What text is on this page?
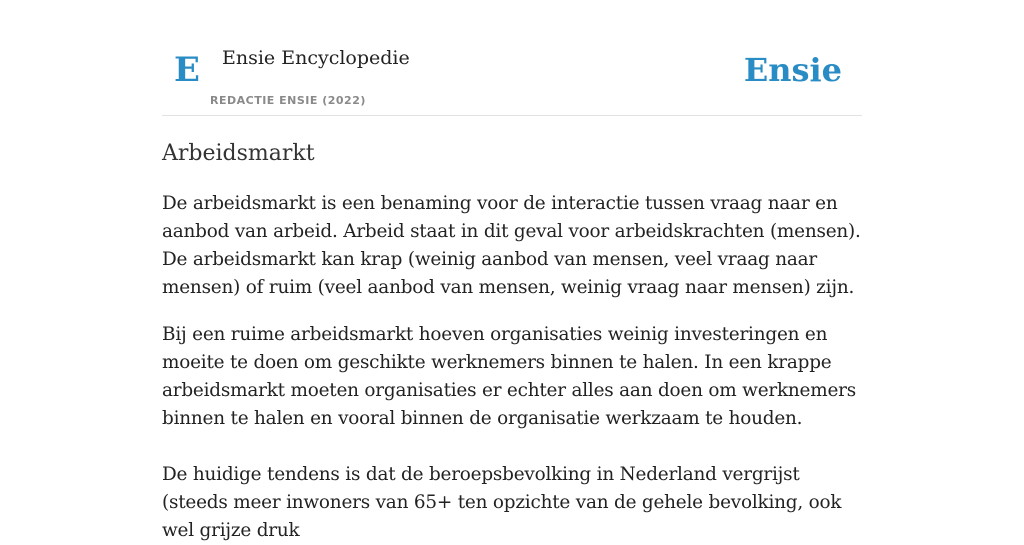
E Ensie Encyclopedie
REDACTIE ENSIE (2022)
Ensie
Arbeidsmarkt

De arbeidsmarkt is een benaming voor de interactie tussen vraag naar en aanbod van arbeid. Arbeid staat in dit geval voor arbeidskrachten (mensen). De arbeidsmarkt kan krap (weinig aanbod van mensen, veel vraag naar mensen) of ruim (veel aanbod van mensen, weinig vraag naar mensen) zijn.

Bij een ruime arbeidsmarkt hoeven organisaties weinig investeringen en moeite te doen om geschikte werknemers binnen te halen. In een krappe arbeidsmarkt moeten organisaties er echter alles aan doen om werknemers binnen te halen en vooral binnen de organisatie werkzaam te houden.

De huidige tendens is dat de beroepsbevolking in Nederland vergrijst (steeds meer inwoners van 65+ ten opzichte van de gehele bevolking, ook wel grijze druk
